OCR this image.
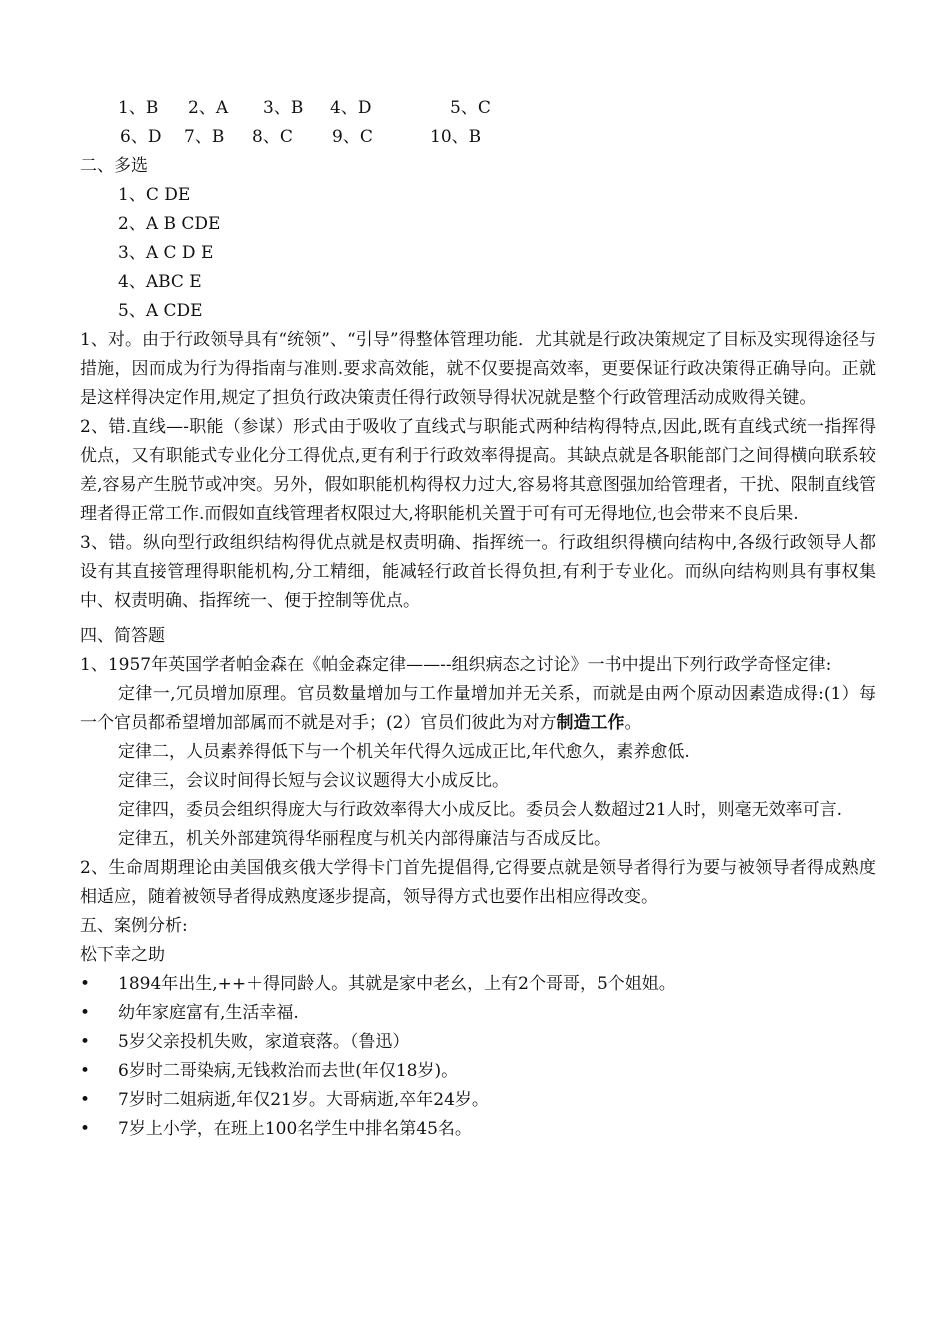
1、B 2、A 3、B 4、D	5、C
6、D 7、B 8、C 9、C	10、B
二、多选
1、C DE
2、A B CDE
3、A C D E
4、ABC E
5、A CDE

1、对。由于行政领导具有“统领”、“引导”得整体管理功能．尤其就是行政决策规定了目标及实现得途径与措施，因而成为行为得指南与准则.要求高效能，就不仅要提高效率，更要保证行政决策得正确导向。正就是这样得决定作用,规定了担负行政决策责任得行政领导得状况就是整个行政管理活动成败得关键。

2、错.直线—-职能（参谋）形式由于吸收了直线式与职能式两种结构得特点,因此,既有直线式统一指挥得优点，又有职能式专业化分工得优点,更有利于行政效率得提高。其缺点就是各职能部门之间得横向联系较差,容易产生脱节或冲突。另外，假如职能机构得权力过大,容易将其意图强加给管理者，干扰、限制直线管理者得正常工作.而假如直线管理者权限过大,将职能机关置于可有可无得地位,也会带来不良后果.

3、错。纵向型行政组织结构得优点就是权责明确、指挥统一。行政组织得横向结构中,各级行政领导人都设有其直接管理得职能机构,分工精细，能减轻行政首长得负担,有利于专业化。而纵向结构则具有事权集中、权责明确、指挥统一、便于控制等优点。

四、简答题

1、1957年英国学者帕金森在《帕金森定律——--组织病态之讨论》一书中提出下列行政学奇怪定律:

定律一,冗员增加原理。官员数量增加与工作量增加并无关系，而就是由两个原动因素造成得:(1）每一个官员都希望增加部属而不就是对手；(2）官员们彼此为对方制造工作。

定律二，人员素养得低下与一个机关年代得久远成正比,年代愈久，素养愈低.

定律三，会议时间得长短与会议议题得大小成反比。

定律四，委员会组织得庞大与行政效率得大小成反比。委员会人数超过21人时，则毫无效率可言.

定律五，机关外部建筑得华丽程度与机关内部得廉洁与否成反比。

2、生命周期理论由美国俄亥俄大学得卡门首先提倡得,它得要点就是领导者得行为要与被领导者得成熟度相适应，随着被领导者得成熟度逐步提高，领导得方式也要作出相应得改变。

五、案例分析:
松下幸之助
• 1894年出生,++＋得同龄人。其就是家中老幺，上有2个哥哥，5个姐姐。
• 幼年家庭富有,生活幸福.
• 5岁父亲投机失败，家道衰落。（鲁迅）
• 6岁时二哥染病,无钱救治而去世(年仅18岁)。
• 7岁时二姐病逝,年仅21岁。大哥病逝,卒年24岁。
• 7岁上小学，在班上100名学生中排名第45名。
